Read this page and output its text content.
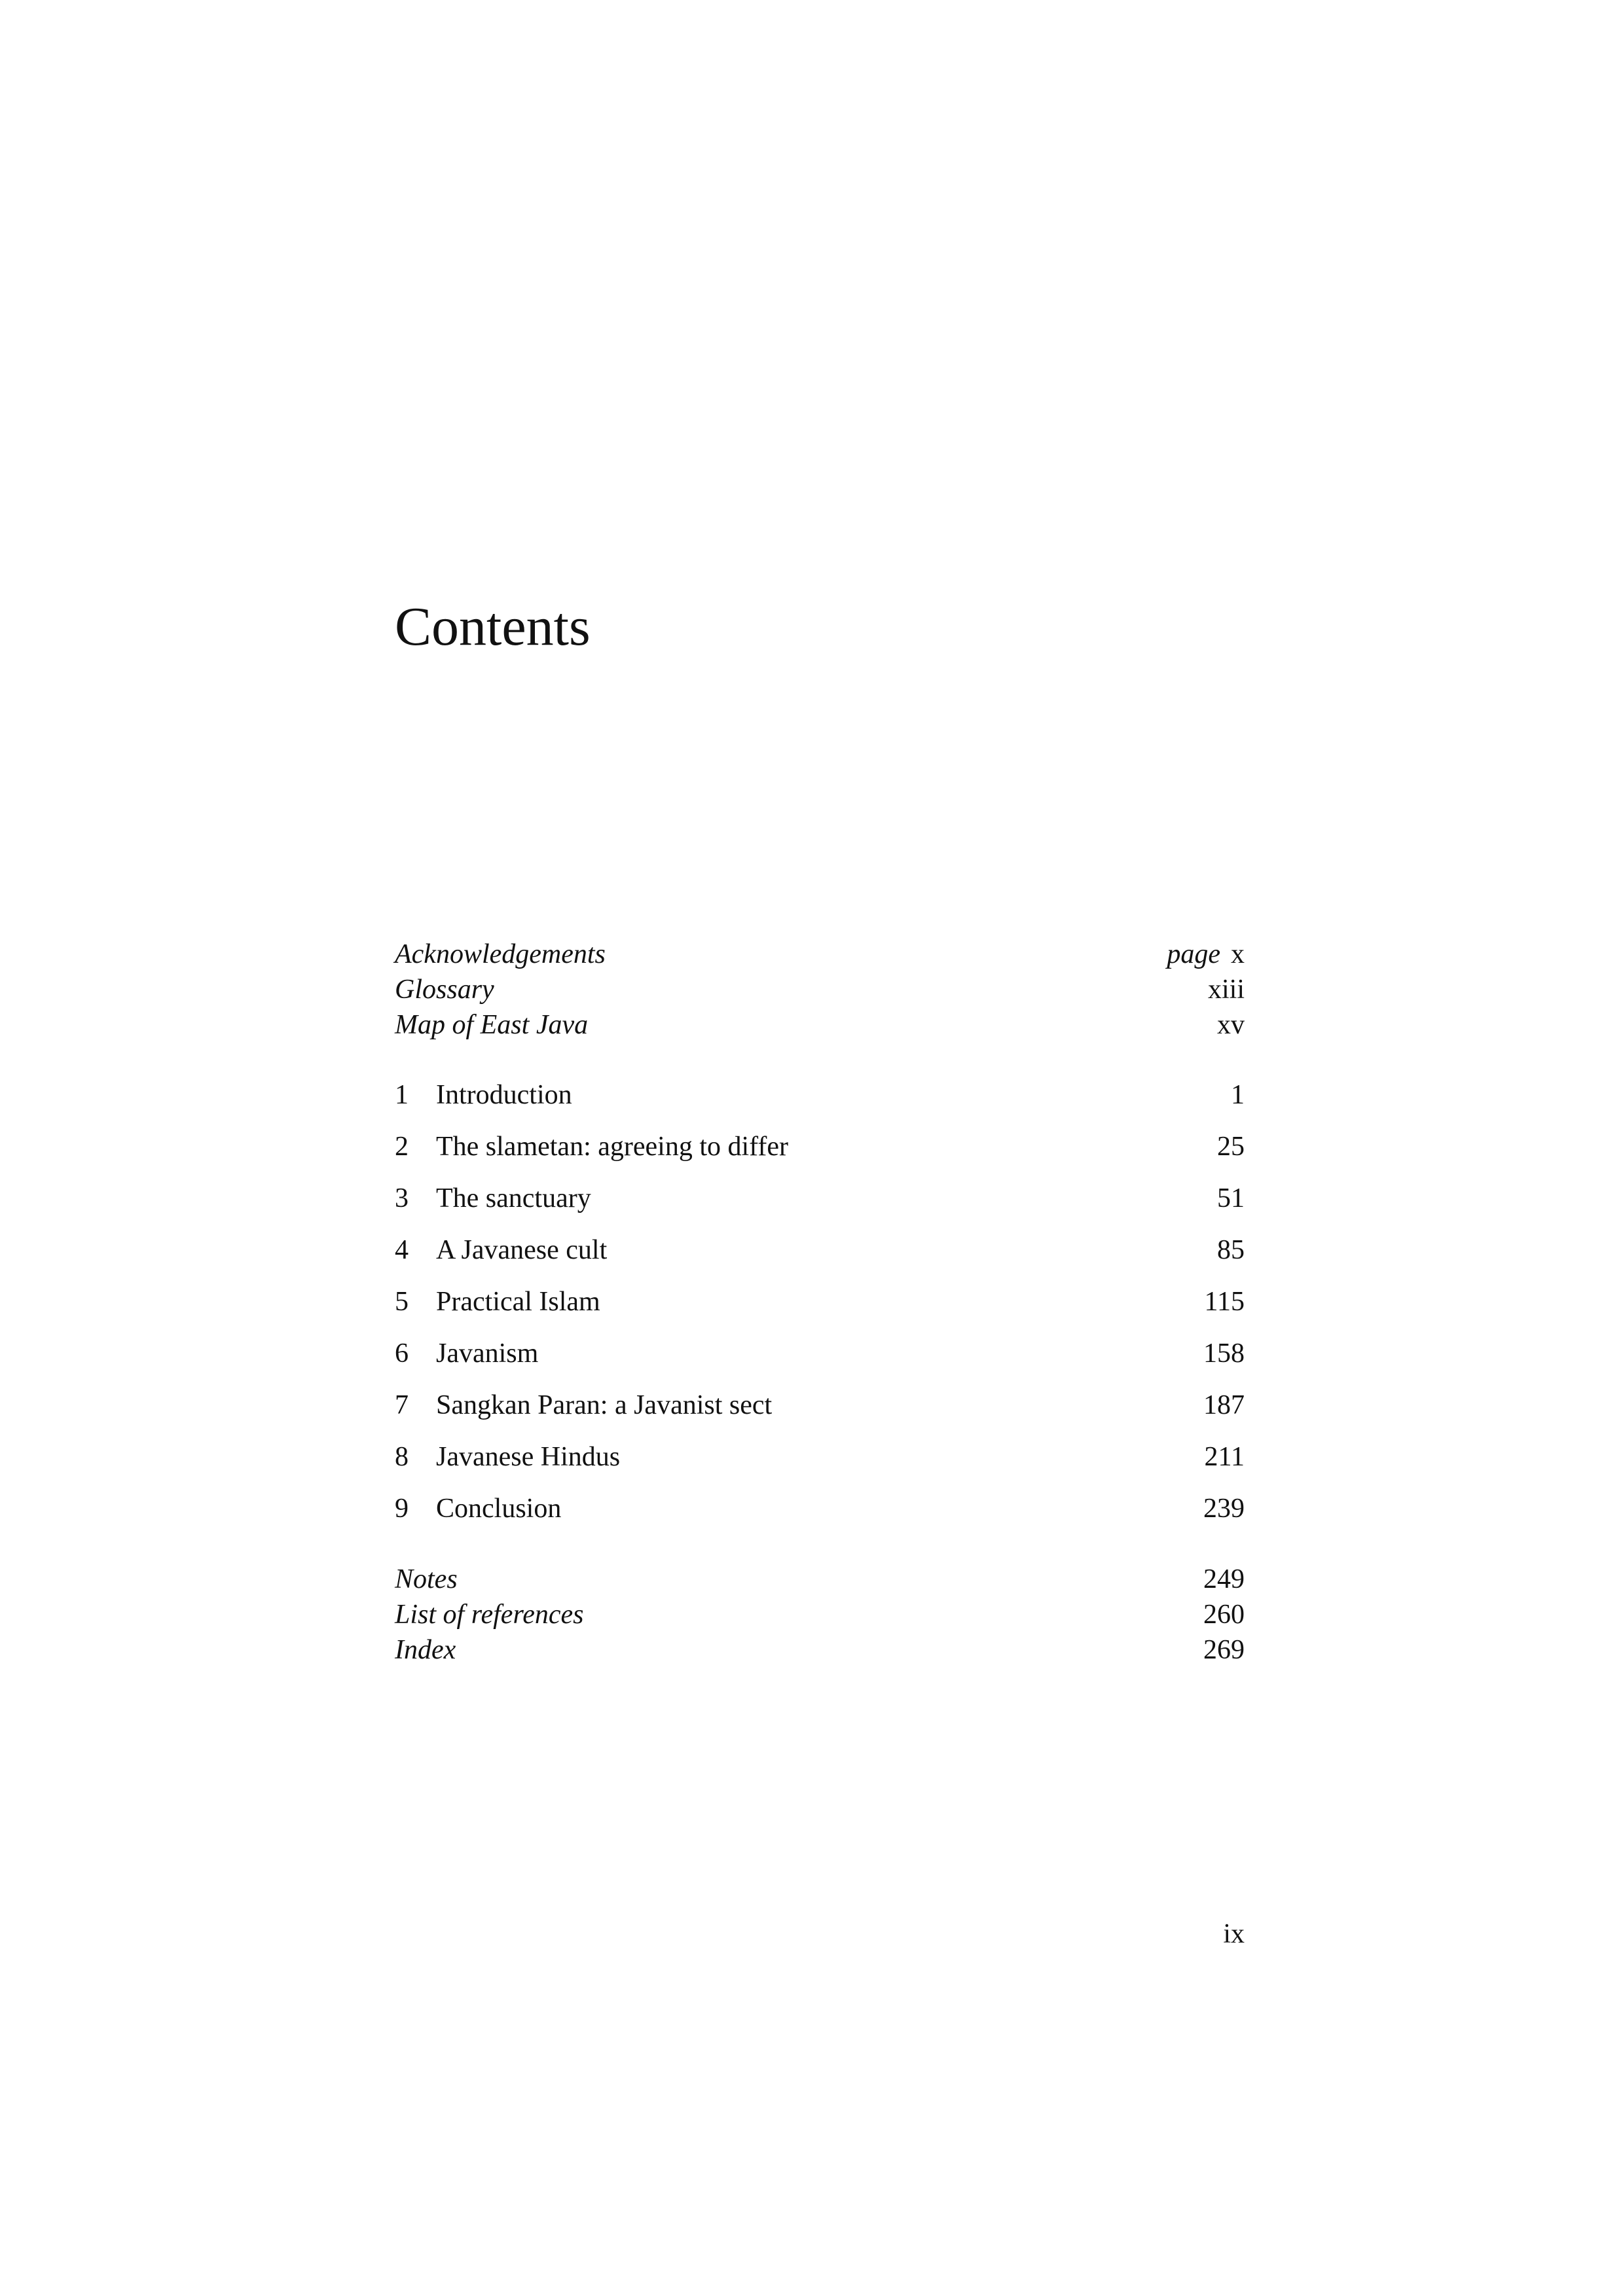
Contents
Acknowledgements	page x
Glossary	xiii
Map of East Java	xv
1 Introduction	1
2 The slametan: agreeing to differ	25
3 The sanctuary	51
4 A Javanese cult	85
5 Practical Islam	115
6 Javanism	158
7 Sangkan Paran: a Javanist sect	187
8 Javanese Hindus	211
9 Conclusion	239
Notes	249
List of references	260
Index	269
ix
